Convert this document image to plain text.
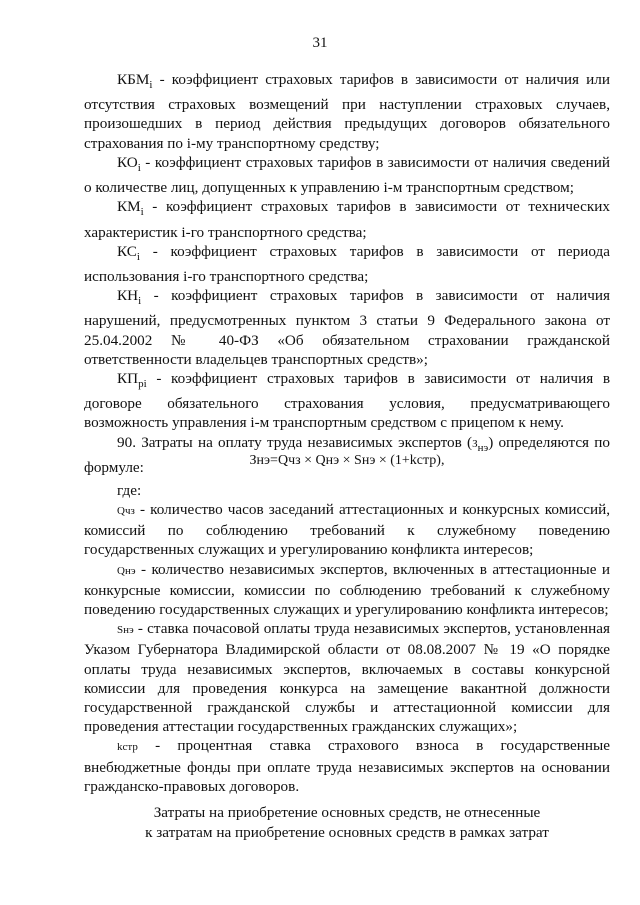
31

$КБМ_i$ - коэффициент страховых тарифов в зависимости от наличия или отсутствия страховых возмещений при наступлении страховых случаев, произошедших в период действия предыдущих договоров обязательного страхования по i-му транспортному средству;

$КО_i$ - коэффициент страховых тарифов в зависимости от наличия сведений о количестве лиц, допущенных к управлению i-м транспортным средством;

$КМ_i$ - коэффициент страховых тарифов в зависимости от технических характеристик i-го транспортного средства;

$КС_i$ - коэффициент страховых тарифов в зависимости от периода использования i-го транспортного средства;

$КН_i$ - коэффициент страховых тарифов в зависимости от наличия нарушений, предусмотренных пунктом 3 статьи 9 Федерального закона от 25.04.2002 № 40-ФЗ «Об обязательном страховании гражданской ответственности владельцев транспортных средств»;

$КП_{рi}$ - коэффициент страховых тарифов в зависимости от наличия в договоре обязательного страхования условия, предусматривающего возможность управления i-м транспортным средством с прицепом к нему.

90. Затраты на оплату труда независимых экспертов $(З_{нэ})$ определяются по формуле:	Знэ=Qчз × Qнэ × Sнэ × (1+kстр),
где:

Qчз - количество часов заседаний аттестационных и конкурсных комиссий, комиссий по соблюдению требований к служебному поведению государственных служащих и урегулированию конфликта интересов;

Qнэ - количество независимых экспертов, включенных в аттестационные и конкурсные комиссии, комиссии по соблюдению требований к служебному поведению государственных служащих и урегулированию конфликта интересов;

Sнэ - ставка почасовой оплаты труда независимых экспертов, установленная Указом Губернатора Владимирской области от 08.08.2007 № 19 «О порядке оплаты труда независимых экспертов, включаемых в составы конкурсной комиссии для проведения конкурса на замещение вакантной должности государственной гражданской службы и аттестационной комиссии для проведения аттестации государственных гражданских служащих»;

kстр - процентная ставка страхового взноса в государственные внебюджетные фонды при оплате труда независимых экспертов на основании гражданско-правовых договоров.

Затраты на приобретение основных средств, не отнесенные
к затратам на приобретение основных средств в рамках затрат
